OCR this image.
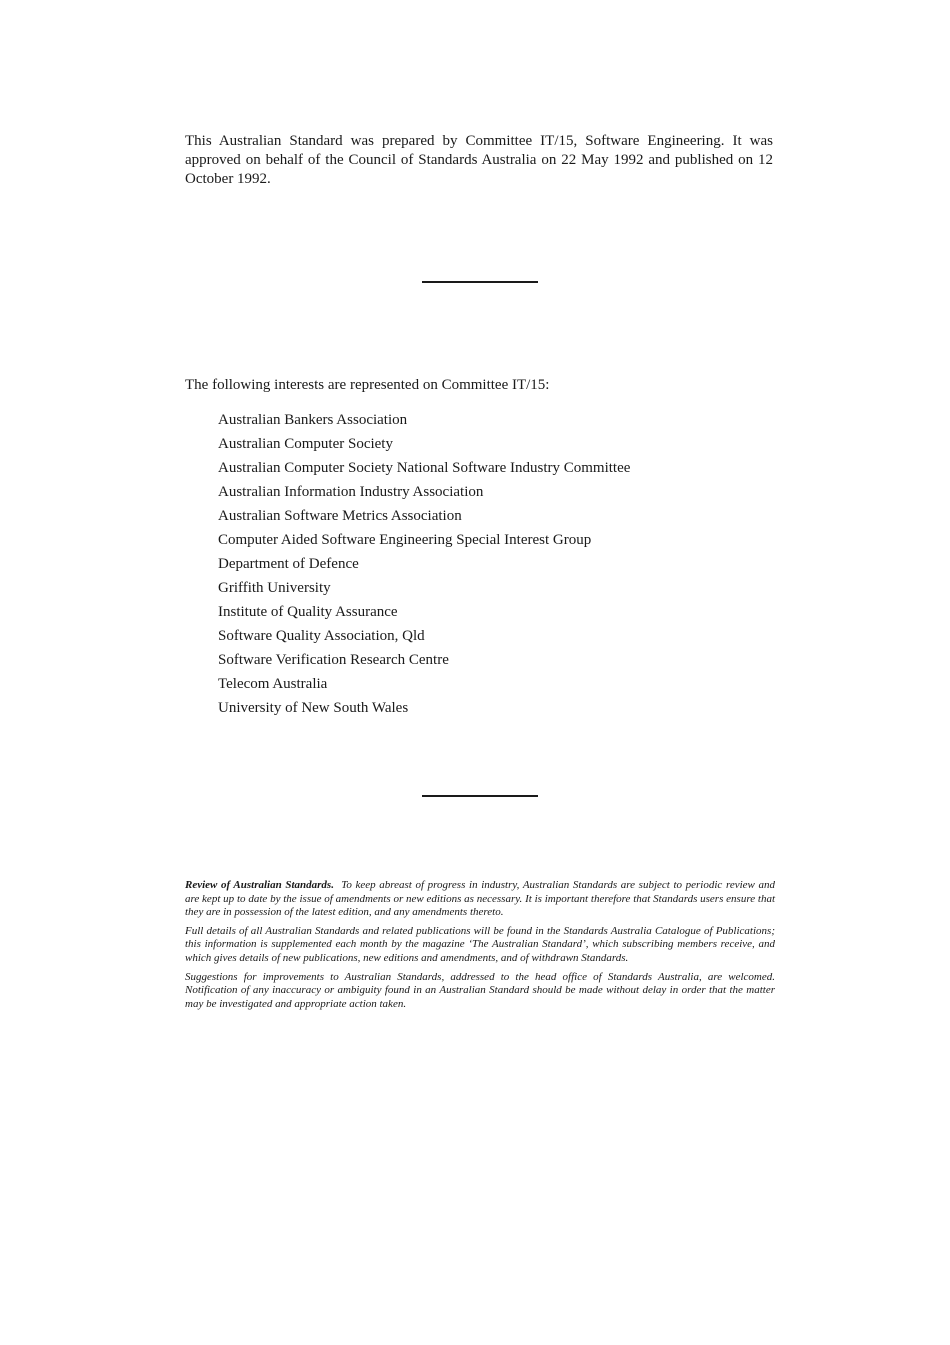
This Australian Standard was prepared by Committee IT/15, Software Engineering. It was approved on behalf of the Council of Standards Australia on 22 May 1992 and published on 12 October 1992.

The following interests are represented on Committee IT/15:

Australian Bankers Association
Australian Computer Society
Australian Computer Society National Software Industry Committee
Australian Information Industry Association
Australian Software Metrics Association
Computer Aided Software Engineering Special Interest Group
Department of Defence
Griffith University
Institute of Quality Assurance
Software Quality Association, Qld
Software Verification Research Centre
Telecom Australia
University of New South Wales

Review of Australian Standards. To keep abreast of progress in industry, Australian Standards are subject to periodic review and are kept up to date by the issue of amendments or new editions as necessary. It is important therefore that Standards users ensure that they are in possession of the latest edition, and any amendments thereto.

Full details of all Australian Standards and related publications will be found in the Standards Australia Catalogue of Publications; this information is supplemented each month by the magazine ‘The Australian Standard’, which subscribing members receive, and which gives details of new publications, new editions and amendments, and of withdrawn Standards.

Suggestions for improvements to Australian Standards, addressed to the head office of Standards Australia, are welcomed. Notification of any inaccuracy or ambiguity found in an Australian Standard should be made without delay in order that the matter may be investigated and appropriate action taken.
